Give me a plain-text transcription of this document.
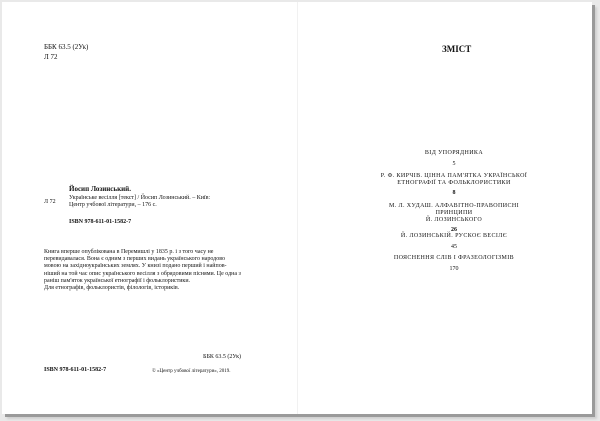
ББК 63.5 (2Ук)
Л 72
Йосип Лозинський.
Л 72
Українське весілля [текст] / Йосип Лозинський. – Київ:
Центр учбової літератури, – 176 с.
ISBN 978-611-01-1582-7
Книга вперше опублікована в Перемишлі у 1835 р. і з того часу не
перевидавалася. Вона є одним з перших видань українського народово
мовою на західноукраїнських землях. У книзі подано перший і найпов-
ніший на той час опис українського весілля з обрядовими піснями. Це одна з
раніш пам'яток української етнографії і фольклористики.
Для етнографів, фольклористів, філологів, істориків.
ББК 63.5 (2Ук)
ISBN 978-611-01-1582-7	© «Центр учбової літератури», 2019.
ЗМІСТ
ВІД УПОРЯДНИКА
5
Р. Ф. КИРЧІВ. ЦІННА ПАМ'ЯТКА УКРАЇНСЬКОЇ
ЕТНОГРАФІЇ ТА ФОЛЬКЛОРИСТИКИ
8
М. Л. ХУДАШ. АЛФАВІТНО-ПРАВОПИСНІ ПРИНЦИПИ
Й. ЛОЗИНСЬКОГО
26
Й. ЛОЗИНСЬКІЙ. РУСКОЄ ВЕСІЛЄ
45
ПОЯСНЕННЯ СЛІВ І ФРАЗЕОЛОГІЗМІВ
170
